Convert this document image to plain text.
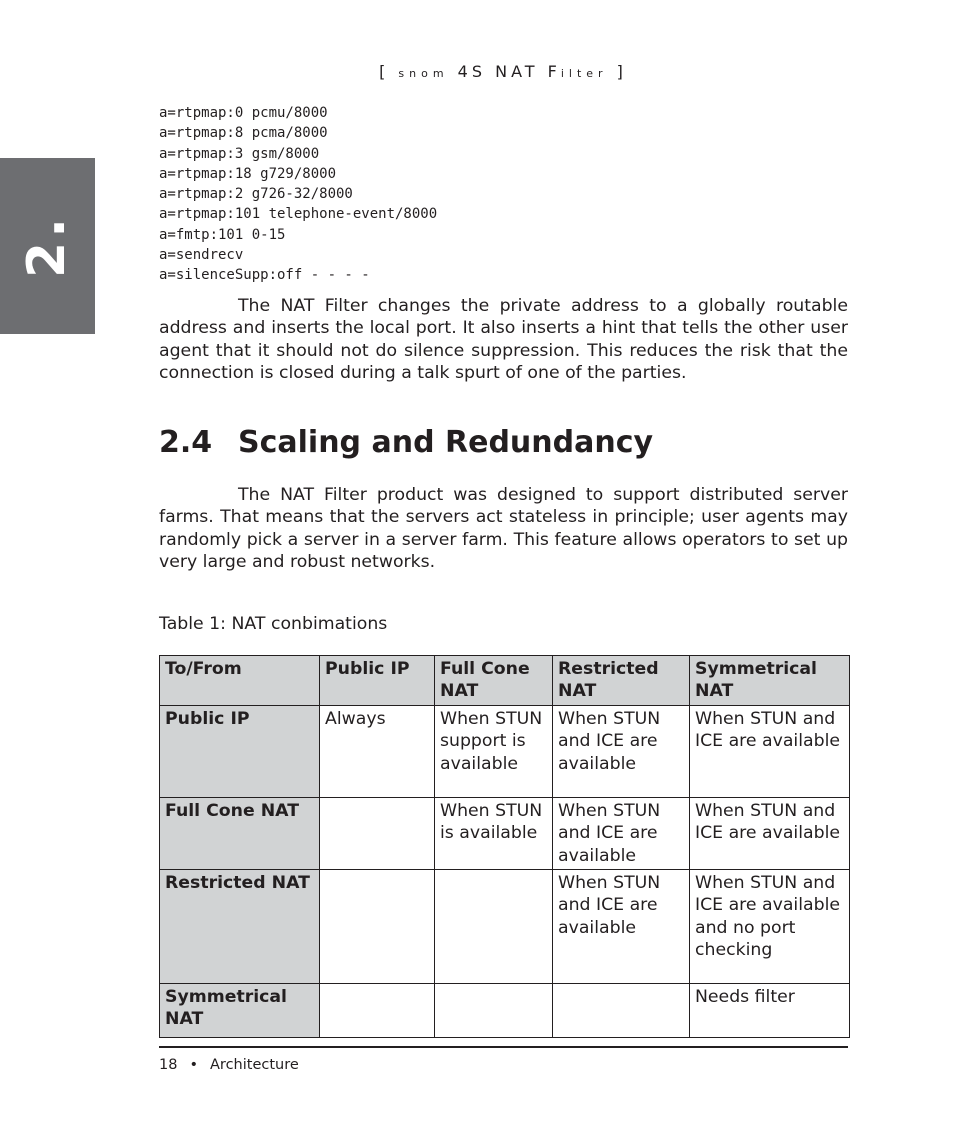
[ snom 4S NAT Filter ]
2.
a=rtpmap:0 pcmu/8000
a=rtpmap:8 pcma/8000
a=rtpmap:3 gsm/8000
a=rtpmap:18 g729/8000
a=rtpmap:2 g726-32/8000
a=rtpmap:101 telephone-event/8000
a=fmtp:101 0-15
a=sendrecv
a=silenceSupp:off - - - -

The NAT Filter changes the private address to a globally routable address and inserts the local port. It also inserts a hint that tells the other user agent that it should not do silence suppression. This reduces the risk that the connection is closed during a talk spurt of one of the parties.

2.4 Scaling and Redundancy

The NAT Filter product was designed to support distributed server farms. That means that the servers act stateless in principle; user agents may randomly pick a server in a server farm. This feature allows operators to set up very large and robust networks.

Table 1: NAT conbimations
To/From	Public IP	Full Cone NAT	Restricted NAT	Symmetrical NAT
Public IP	Always	When STUN support is available	When STUN and ICE are available	When STUN and ICE are available
Full Cone NAT		When STUN is available	When STUN and ICE are available	When STUN and ICE are available
Restricted NAT			When STUN and ICE are available	When STUN and ICE are available and no port checking
Symmetrical NAT				Needs filter
18 • Architecture
